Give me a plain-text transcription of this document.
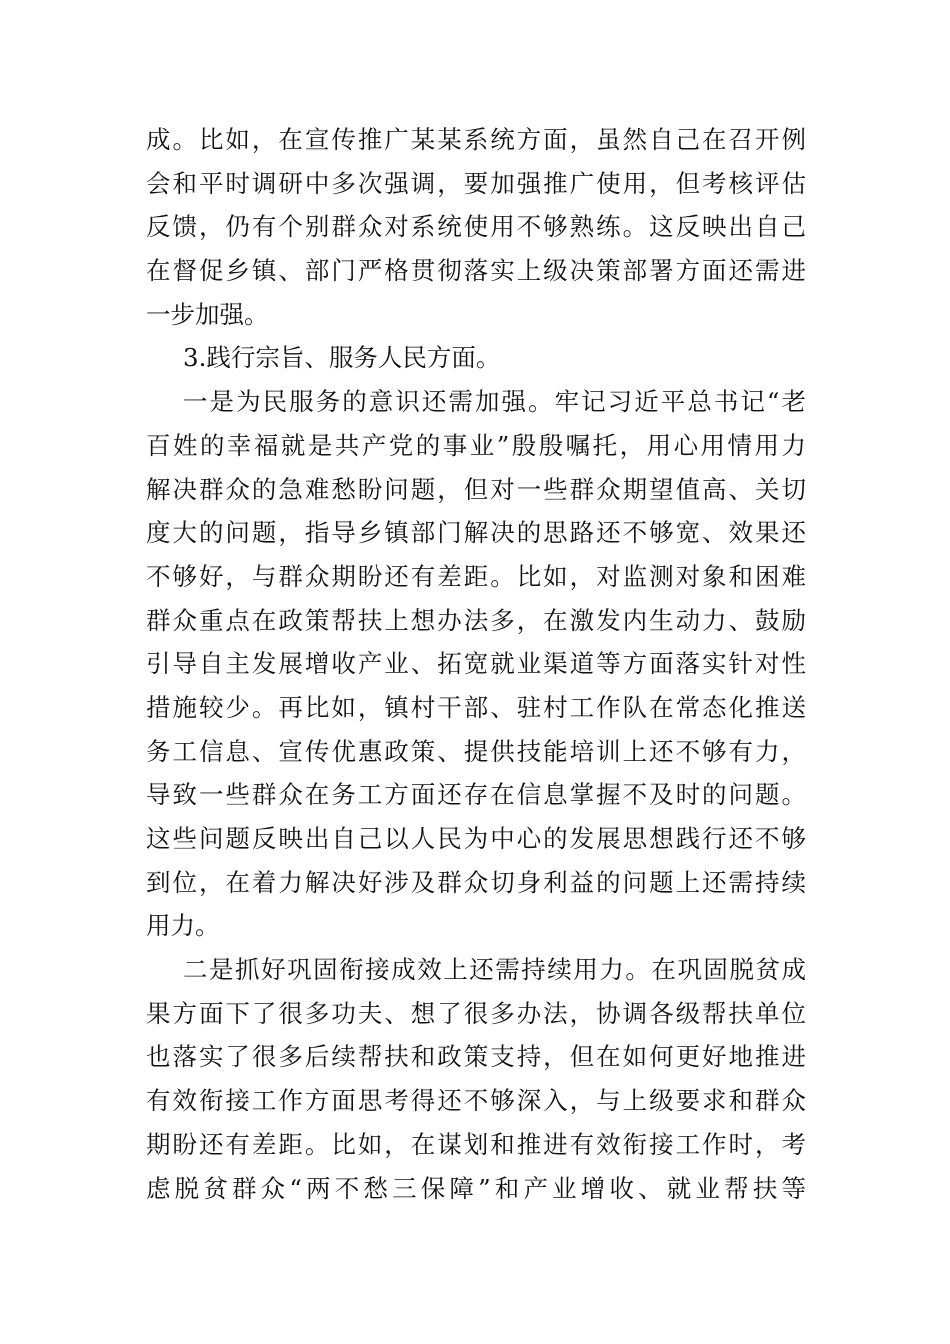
成。比如，在宣传推广某某系统方面，虽然自己在召开例
会和平时调研中多次强调，要加强推广使用，但考核评估
反馈，仍有个别群众对系统使用不够熟练。这反映出自己
在督促乡镇、部门严格贯彻落实上级决策部署方面还需进
一步加强。
3.践行宗旨、服务人民方面。
一是为民服务的意识还需加强。牢记习近平总书记“老
百姓的幸福就是共产党的事业”殷殷嘱托，用心用情用力
解决群众的急难愁盼问题，但对一些群众期望值高、关切
度大的问题，指导乡镇部门解决的思路还不够宽、效果还
不够好，与群众期盼还有差距。比如，对监测对象和困难
群众重点在政策帮扶上想办法多，在激发内生动力、鼓励
引导自主发展增收产业、拓宽就业渠道等方面落实针对性
措施较少。再比如，镇村干部、驻村工作队在常态化推送
务工信息、宣传优惠政策、提供技能培训上还不够有力，
导致一些群众在务工方面还存在信息掌握不及时的问题。
这些问题反映出自己以人民为中心的发展思想践行还不够
到位，在着力解决好涉及群众切身利益的问题上还需持续
用力。
二是抓好巩固衔接成效上还需持续用力。在巩固脱贫成
果方面下了很多功夫、想了很多办法，协调各级帮扶单位
也落实了很多后续帮扶和政策支持，但在如何更好地推进
有效衔接工作方面思考得还不够深入，与上级要求和群众
期盼还有差距。比如，在谋划和推进有效衔接工作时，考
虑脱贫群众“两不愁三保障”和产业增收、就业帮扶等
